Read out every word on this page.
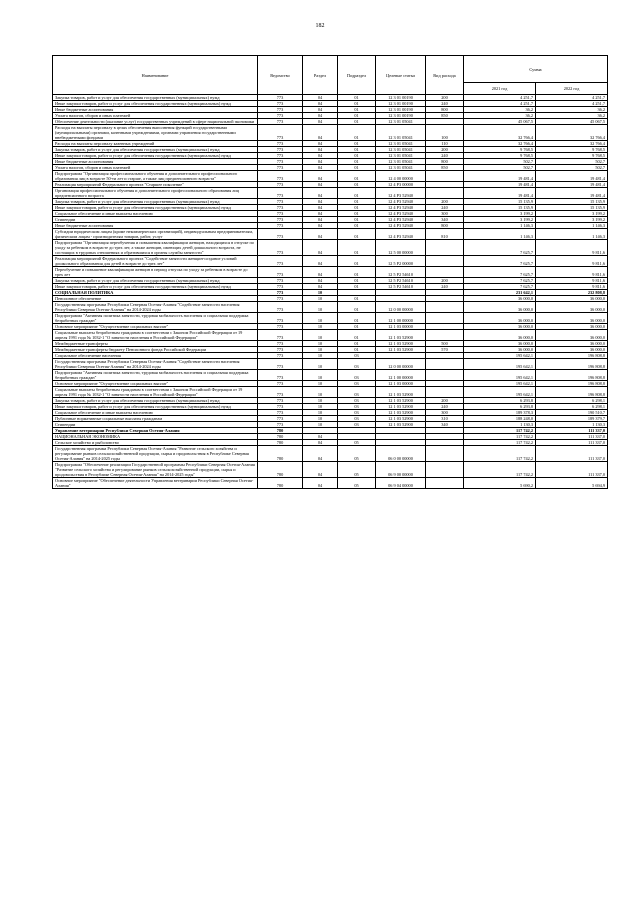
182
Наименование	Ведомство	Раздел	Подраздел	Целевые статьи	Вид расхода	Сумма	
						2021 год	2022 год
Закупка товаров, работ и услуг для обеспечения государственных (муниципальных) нужд	773	04	01	12 3 01 00190	200	4 251,7	4 251,7
Иные закупки товаров, работ и услуг для обеспечения государственных (муниципальных) нужд	773	04	01	12 3 01 00190	240	4 251,7	4 251,7
Иные бюджетные ассигнования	773	04	01	12 3 01 00190	800	36,2	36,2
Уплата налогов, сборов и иных платежей	773	04	01	12 3 01 00190	850	36,2	36,2
Обеспечение деятельности (оказание услуг) государственных учреждений в сфере национальной экономики	773	04	01	12 3 01 05041		45 067,5	45 067,5
Расходы на выплаты персоналу в целях обеспечения выполнения функций государственными (муниципальными) органами, казенными учреждениями, органами управления государственными внебюджетными фондами	773	04	01	12 3 01 05041	100	32 766,4	32 766,4
Расходы на выплаты персоналу казенных учреждений	773	04	01	12 3 01 05041	110	32 766,4	32 766,4
Закупка товаров, работ и услуг для обеспечения государственных (муниципальных) нужд	773	04	01	12 3 01 05041	200	9 768,5	9 768,5
Иные закупки товаров, работ и услуг для обеспечения государственных (муниципальных) нужд	773	04	01	12 3 01 05041	240	9 768,5	9 768,5
Иные бюджетные ассигнования	773	04	01	12 3 01 05041	800	502,7	502,7
Уплата налогов, сборов и иных платежей	773	04	01	12 3 01 05041	850	502,7	502,7
Подпрограмма "Организация профессионального обучения и дополнительного профессионального образования лиц в возрасте 50-ти лет и старше, а также лиц предпенсионного возраста"	773	04	01	12 4 00 00000		19 481,4	19 481,4
Реализация мероприятий Федерального проекта "Старшее поколение"	773	04	01	12 4 P3 00000		19 481,4	19 481,4
Организация профессионального обучения и дополнительного профессионального образования лиц предпенсионного возраста	773	04	01	12 4 P3 52940		19 481,4	19 481,4
Закупка товаров, работ и услуг для обеспечения государственных (муниципальных) нужд	773	04	01	12 4 P3 52940	200	15 135,9	15 135,9
Иные закупки товаров, работ и услуг для обеспечения государственных (муниципальных) нужд	773	04	01	12 4 P3 52940	240	15 135,9	15 135,9
Социальное обеспечение и иные выплаты населению	773	04	01	12 4 P3 52940	300	3 199,2	3 199,2
Стипендии	773	04	01	12 4 P3 52940	340	3 199,2	3 199,2
Иные бюджетные ассигнования	773	04	01	12 4 P3 52940	800	1 146,3	1 146,3
Субсидии юридическим лицам (кроме некоммерческих организаций), индивидуальным предпринимателям, физическим лицам - производителям товаров, работ, услуг	773	04	01	12 4 P3 52940	810	1 146,3	1 146,3
Подпрограмма "Организация переобучения и повышения квалификации женщин, находящихся в отпуске по уходу за ребенком в возрасте до трех лет, а также женщин, имеющих детей дошкольного возраста, не состоящих в трудовых отношениях и обратившихся в органы службы занятости"	773	04	01	12 5 00 00000		7 625,7	9 811,6
Реализация мероприятий Федерального проекта "Содействие занятости женщин-создание условий дошкольного образования для детей в возрасте до трех лет"	773	04	01	12 5 P2 00000		7 625,7	9 811,6
Переобучение и повышение квалификации женщин в период отпуска по уходу за ребенком в возрасте до трех лет	773	04	01	12 5 P2 54610		7 625,7	9 811,6
Закупка товаров, работ и услуг для обеспечения государственных (муниципальных) нужд	773	04	01	12 5 P2 54610	200	7 625,7	9 811,6
Иные закупки товаров, работ и услуг для обеспечения государственных (муниципальных) нужд	773	04	01	12 5 P2 54610	240	7 625,7	9 811,6
СОЦИАЛЬНАЯ ПОЛИТИКА	773	10				231 642,1	232 808,8
Пенсионное обеспечение	773	10	01			36 000,0	36 000,0
Государственная программа Республики Северная Осетия-Алания "Содействие занятости населения Республики Северная Осетия-Алания" на 2014-2024 годы	773	10	01	12 0 00 00000		36 000,0	36 000,0
Подпрограмма "Активная политика занятости, трудовая мобильность населения и социальная поддержка безработных граждан"	773	10	01	12 1 00 00000		36 000,0	36 000,0
Основное мероприятие "Осуществление социальных выплат"	773	10	01	12 1 03 00000		36 000,0	36 000,0
Социальные выплаты безработным гражданам в соответствии с Законом Российской Федерации от 19 апреля 1991 года № 1032-1 "О занятости населения в Российской Федерации"	773	10	01	12 1 03 52900		36 000,0	36 000,0
Межбюджетные трансферты	773	10	01	12 1 03 52900	500	36 000,0	36 000,0
Межбюджетные трансферты бюджету Пенсионного фонда Российской Федерации	773	10	01	12 1 03 52900	570	36 000,0	36 000,0
Социальное обеспечение населения	773	10	03			195 642,1	196 808,8
Государственная программа Республики Северная Осетия-Алания "Содействие занятости населения Республики Северная Осетия-Алания" на 2014-2024 годы	773	10	03	12 0 00 00000		195 642,1	196 808,8
Подпрограмма "Активная политика занятости, трудовая мобильность населения и социальная поддержка безработных граждан"	773	10	03	12 1 00 00000		195 642,1	196 808,8
Основное мероприятие "Осуществление социальных выплат"	773	10	03	12 1 03 00000		195 642,1	196 808,8
Социальные выплаты безработным гражданам в соответствии с Законом Российской Федерации от 19 апреля 1991 года № 1032-1 "О занятости населения в Российской Федерации"	773	10	03	12 1 03 52900		195 642,1	196 808,8
Закупка товаров, работ и услуг для обеспечения государственных (муниципальных) нужд	773	10	03	12 1 03 52900	200	6 293,8	6 298,1
Иные закупки товаров, работ и услуг для обеспечения государственных (муниципальных) нужд	773	10	03	12 1 03 52900	240	6 293,8	6 298,1
Социальное обеспечение и иные выплаты населению	773	10	03	12 1 03 52900	300	189 378,3	190 510,7
Публичные нормативные социальные выплаты гражданам	773	10	03	12 1 03 52900	310	188 248,0	189 379,7
Стипендии	773	10	03	12 1 03 52900	340	1 130,3	1 130,3
Управление ветеринарии Республики Северная Осетия-Алания	780					117 742,2	111 337,0
НАЦИОНАЛЬНАЯ ЭКОНОМИКА	780	04				117 742,2	111 337,0
Сельское хозяйство и рыболовство	780	04	05			117 742,2	111 337,0
Государственная программа Республики Северная Осетия-Алания "Развитие сельского хозяйства и регулирование рынков сельскохозяйственной продукции, сырья и продовольствия в Республике Северная Осетия-Алания" на 2014-2025 годы	780	04	05	06 0 00 00000		117 742,2	111 337,0
Подпрограмма "Обеспечение реализации Государственной программы Республики Северная Осетия-Алания "Развитие сельского хозяйства и регулирование рынков сельскохозяйственной продукции, сырья и продовольствия в Республике Северная Осетия-Алания" на 2014-2025 годы"	780	04	05	06 9 00 00000		117 742,2	111 337,0
Основное мероприятие "Обеспечение деятельности Управления ветеринарии Республики Северная Осетия-Алания"	780	04	05	06 9 04 00000		5 690,2	5 694,9
